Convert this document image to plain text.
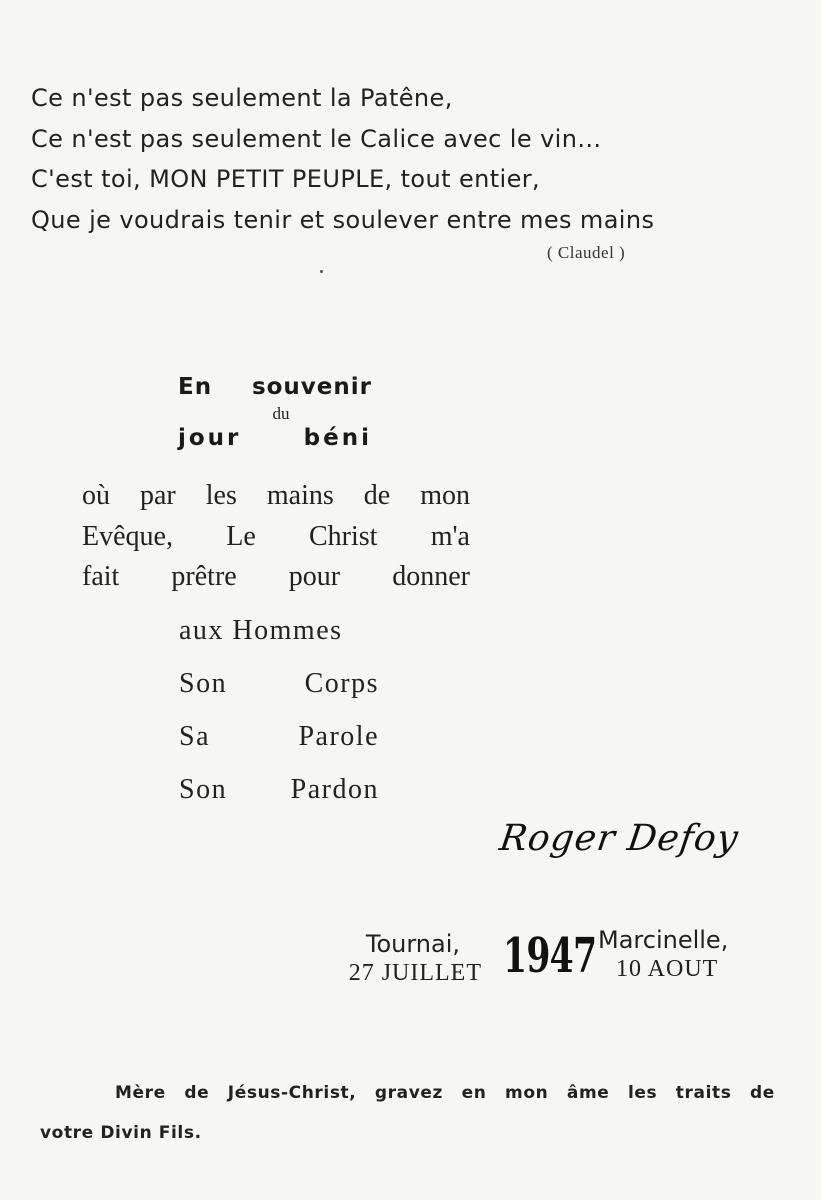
Ce n'est pas seulement la Patêne,
Ce n'est pas seulement le Calice avec le vin...
C'est toi, MON PETIT PEUPLE, tout entier,
Que je voudrais tenir et soulever entre mes mains
( Claudel )
En souvenir
du
jour	béni
où par les mains de mon
Evêque, Le Christ m'a
fait prêtre pour donner
aux Hommes
Son	Corps
Sa	Parole
Son Pardon
Roger Defoy
Tournai,
27 JUILLET 1947 Marcinelle,
10 AOUT
Mère de Jésus-Christ, gravez en mon âme les traits de
votre Divin Fils.
